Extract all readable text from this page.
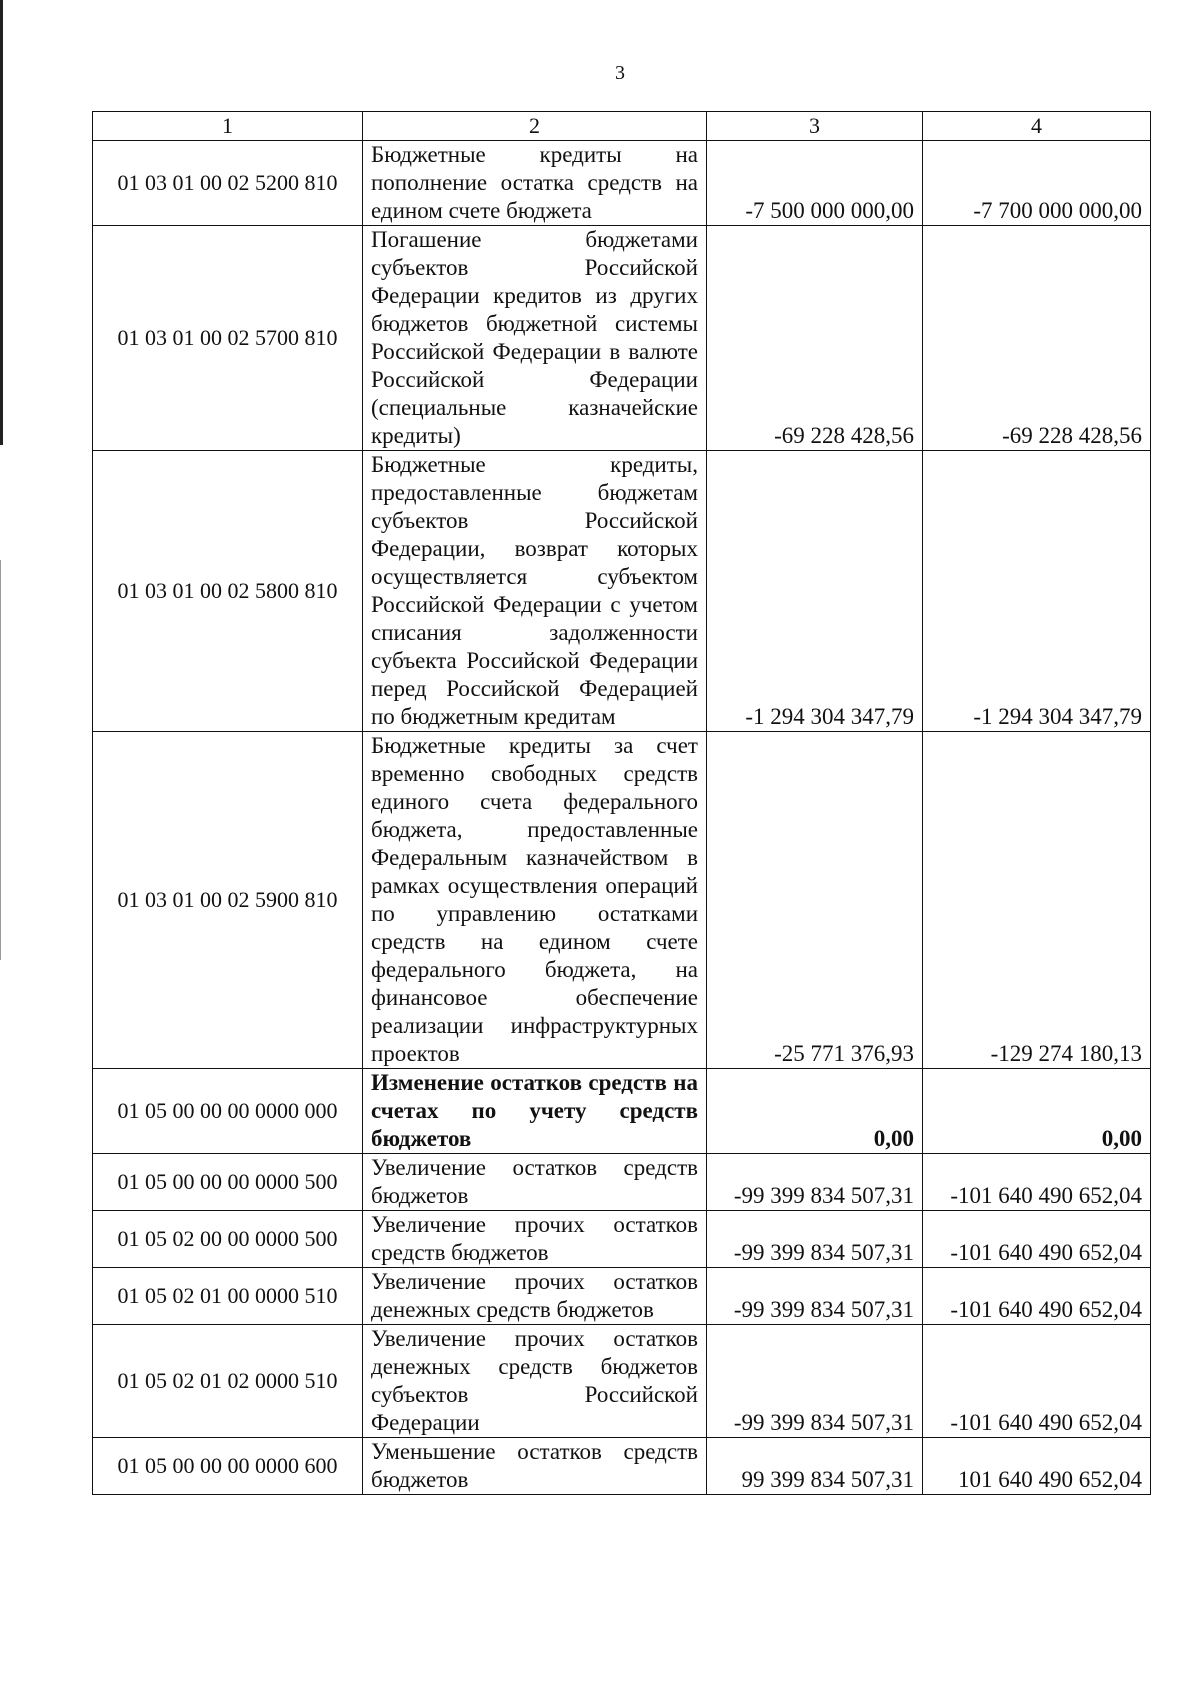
3
1	2	3	4
01 03 01 00 02 5200 810	Бюджетные кредиты на пополнение остатка средств на едином счете бюджета	-7 500 000 000,00	-7 700 000 000,00
01 03 01 00 02 5700 810	Погашение бюджетами субъектов Российской Федерации кредитов из других бюджетов бюджетной системы Российской Федерации в валюте Российской Федерации (специальные казначейские кредиты)	-69 228 428,56	-69 228 428,56
01 03 01 00 02 5800 810	Бюджетные кредиты, предоставленные бюджетам субъектов Российской Федерации, возврат которых осуществляется субъектом Российской Федерации с учетом списания задолженности субъекта Российской Федерации перед Российской Федерацией по бюджетным кредитам	-1 294 304 347,79	-1 294 304 347,79
01 03 01 00 02 5900 810	Бюджетные кредиты за счет временно свободных средств единого счета федерального бюджета, предоставленные Федеральным казначейством в рамках осуществления операций по управлению остатками средств на едином счете федерального бюджета, на финансовое обеспечение реализации инфраструктурных проектов	-25 771 376,93	-129 274 180,13
01 05 00 00 00 0000 000	Изменение остатков средств на счетах по учету средств бюджетов	0,00	0,00
01 05 00 00 00 0000 500	Увеличение остатков средств бюджетов	-99 399 834 507,31	-101 640 490 652,04
01 05 02 00 00 0000 500	Увеличение прочих остатков средств бюджетов	-99 399 834 507,31	-101 640 490 652,04
01 05 02 01 00 0000 510	Увеличение прочих остатков денежных средств бюджетов	-99 399 834 507,31	-101 640 490 652,04
01 05 02 01 02 0000 510	Увеличение прочих остатков денежных средств бюджетов субъектов Российской Федерации	-99 399 834 507,31	-101 640 490 652,04
01 05 00 00 00 0000 600	Уменьшение остатков средств бюджетов	99 399 834 507,31	101 640 490 652,04
